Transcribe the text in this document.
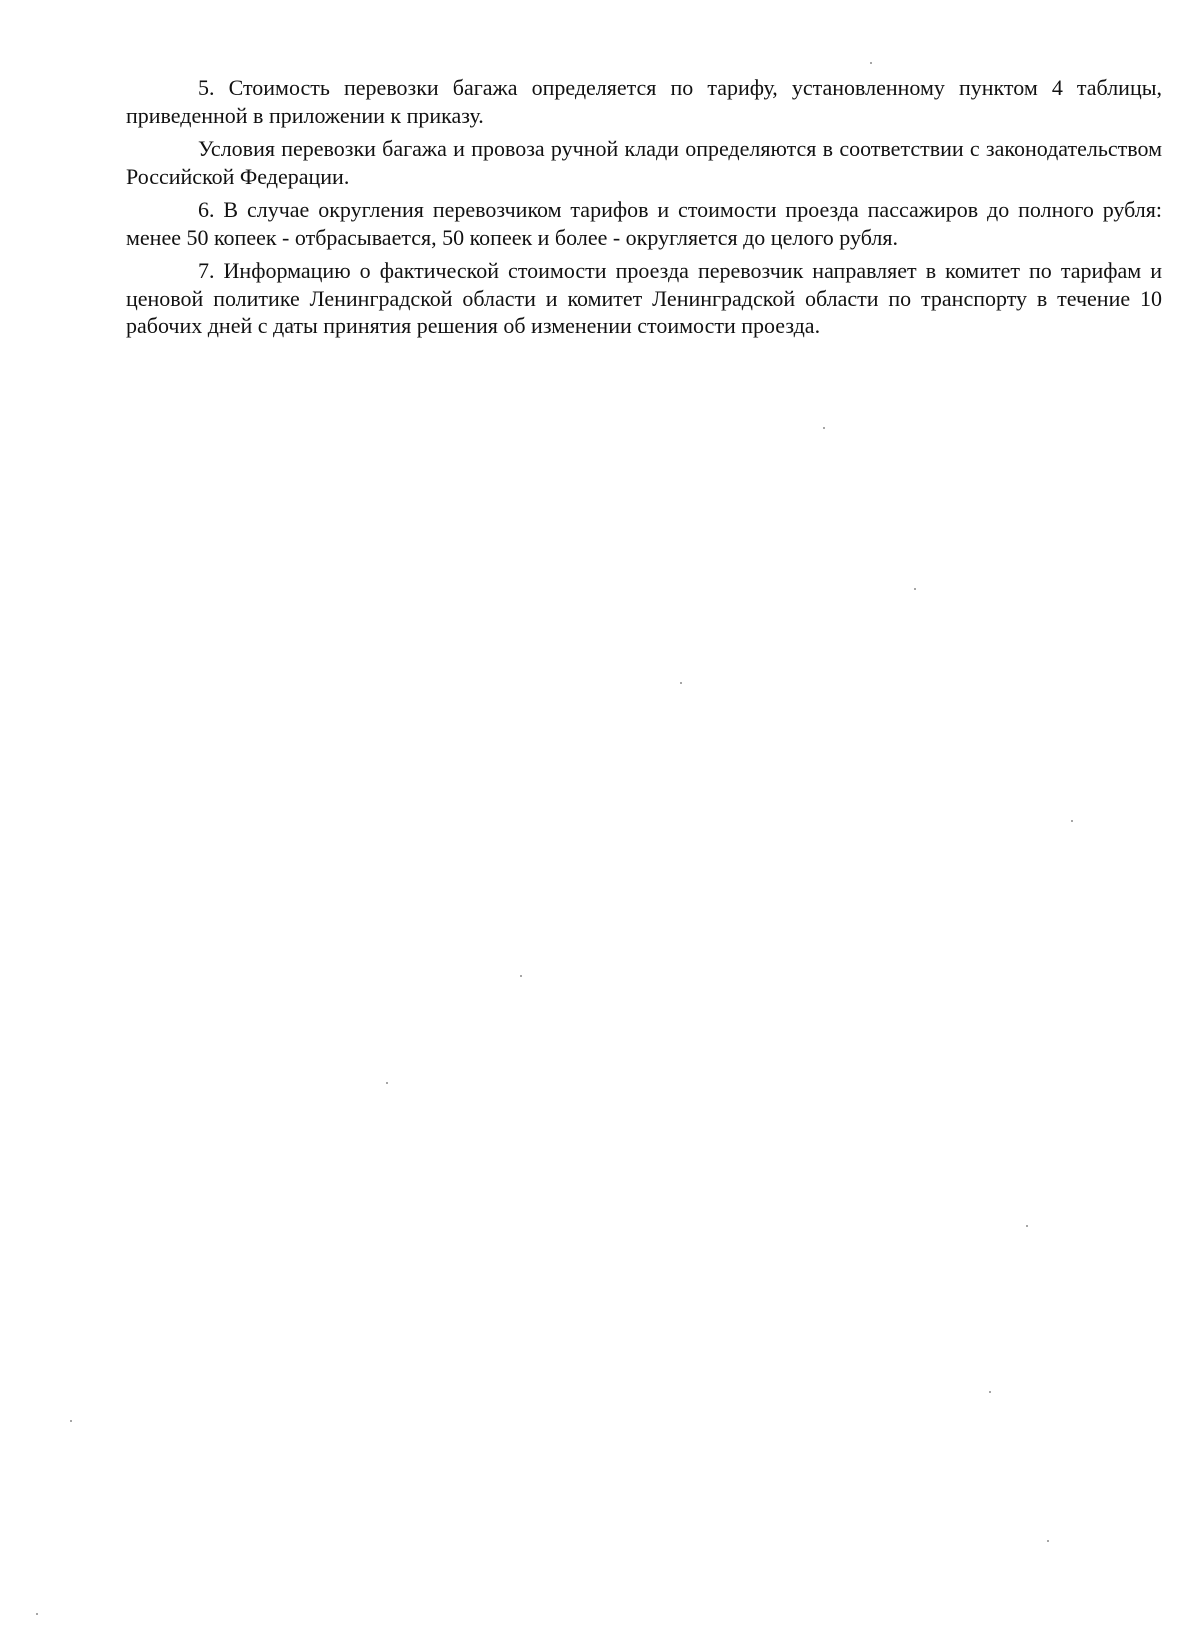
5. Стоимость перевозки багажа определяется по тарифу, установленному пунктом 4 таблицы, приведенной в приложении к приказу.

Условия перевозки багажа и провоза ручной клади определяются в соответствии с законодательством Российской Федерации.

6. В случае округления перевозчиком тарифов и стоимости проезда пассажиров до полного рубля: менее 50 копеек - отбрасывается, 50 копеек и более - округляется до целого рубля.

7. Информацию о фактической стоимости проезда перевозчик направляет в комитет по тарифам и ценовой политике Ленинградской области и комитет Ленинградской области по транспорту в течение 10 рабочих дней с даты принятия решения об изменении стоимости проезда.
